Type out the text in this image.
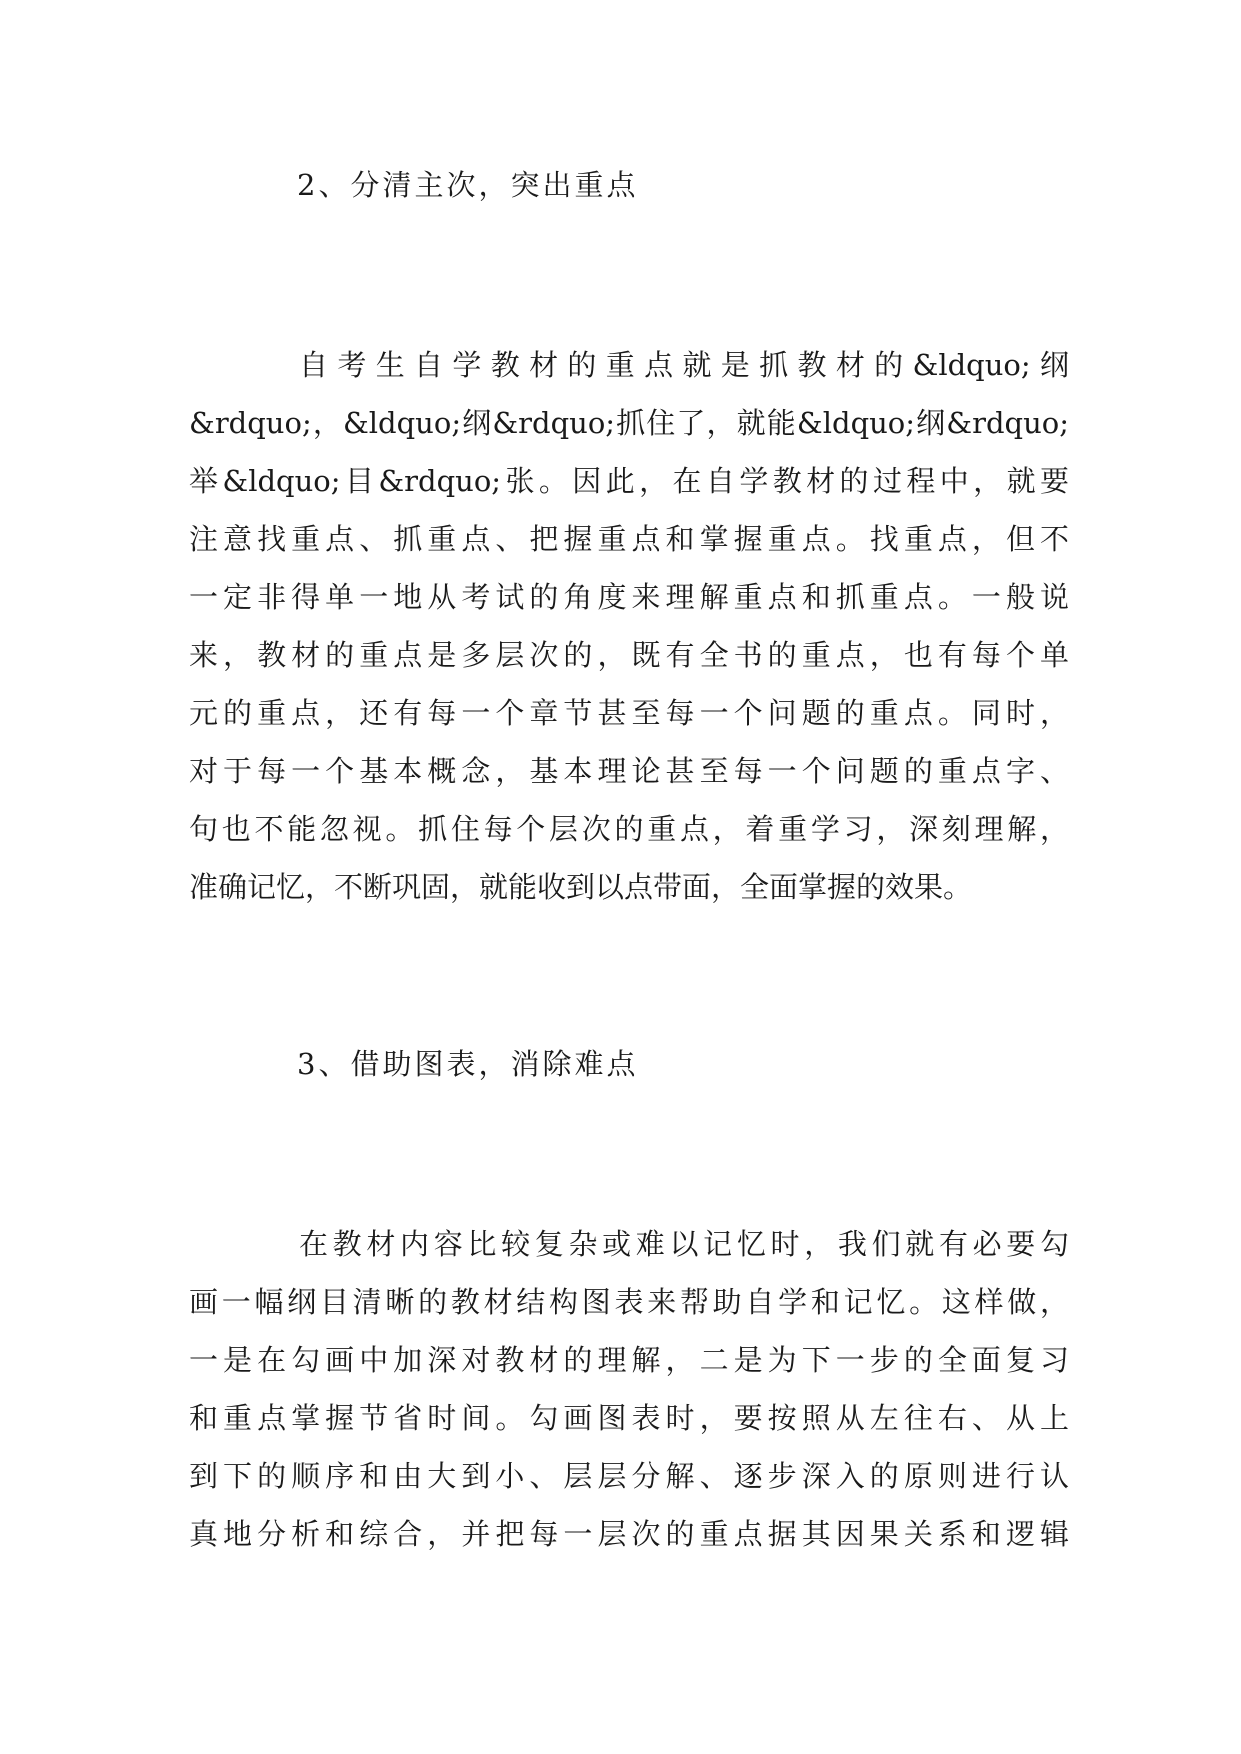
2、分清主次，突出重点
自考生自学教材的重点就是抓教材的&ldquo;纲
&rdquo;，&ldquo;纲&rdquo;抓住了，就能&ldquo;纲&rdquo;
举&ldquo;目&rdquo;张。因此，在自学教材的过程中，就要
注意找重点、抓重点、把握重点和掌握重点。找重点，但不
一定非得单一地从考试的角度来理解重点和抓重点。一般说
来，教材的重点是多层次的，既有全书的重点，也有每个单
元的重点，还有每一个章节甚至每一个问题的重点。同时，
对于每一个基本概念，基本理论甚至每一个问题的重点字、
句也不能忽视。抓住每个层次的重点，着重学习，深刻理解，
准确记忆，不断巩固，就能收到以点带面，全面掌握的效果。
3、借助图表，消除难点
在教材内容比较复杂或难以记忆时，我们就有必要勾
画一幅纲目清晰的教材结构图表来帮助自学和记忆。这样做，
一是在勾画中加深对教材的理解，二是为下一步的全面复习
和重点掌握节省时间。勾画图表时，要按照从左往右、从上
到下的顺序和由大到小、层层分解、逐步深入的原则进行认
真地分析和综合，并把每一层次的重点据其因果关系和逻辑
